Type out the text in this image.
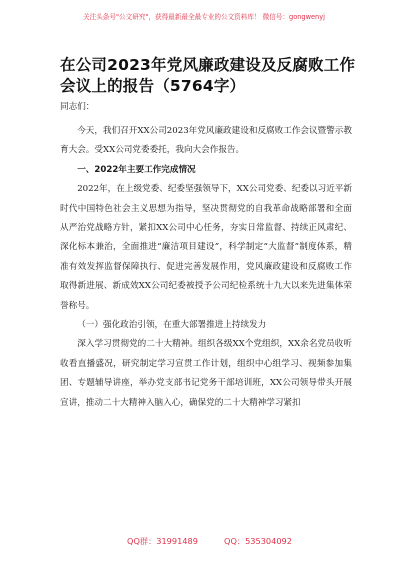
关注头条号"公文研究"，获得最新最全最专业的公文资料库！ 微信号：gongwenyj
在公司2023年党风廉政建设及反腐败工作会议上的报告（5764字）
同志们：

今天，我们召开XX公司2023年党风廉政建设和反腐败工作会议暨警示教育大会。受XX公司党委委托，我向大会作报告。

一、2022年主要工作完成情况

2022年，在上级党委、纪委坚强领导下，XX公司党委、纪委以习近平新时代中国特色社会主义思想为指导，坚决贯彻党的自我革命战略部署和全面从严治党战略方针，紧扣XX公司中心任务，夯实日常监督、持续正风肃纪、深化标本兼治，全面推进“廉洁项目建设”，科学制定“大监督”制度体系，精准有效发挥监督保障执行、促进完善发展作用，党风廉政建设和反腐败工作取得新进展、新成效XX公司纪委被授予公司纪检系统十九大以来先进集体荣誉称号。

（一）强化政治引领，在重大部署推进上持续发力

深入学习贯彻党的二十大精神。组织各级XX个党组织，XX余名党员收听收看直播盛况，研究制定学习宣贯工作计划，组织中心组学习、视频参加集团、专题辅导讲座，举办党支部书记党务干部培训班，XX公司领导带头开展宣讲，推动二十大精神入脑入心，确保党的二十大精神学习紧扣

QQ群：31991489	QQ：535304092
